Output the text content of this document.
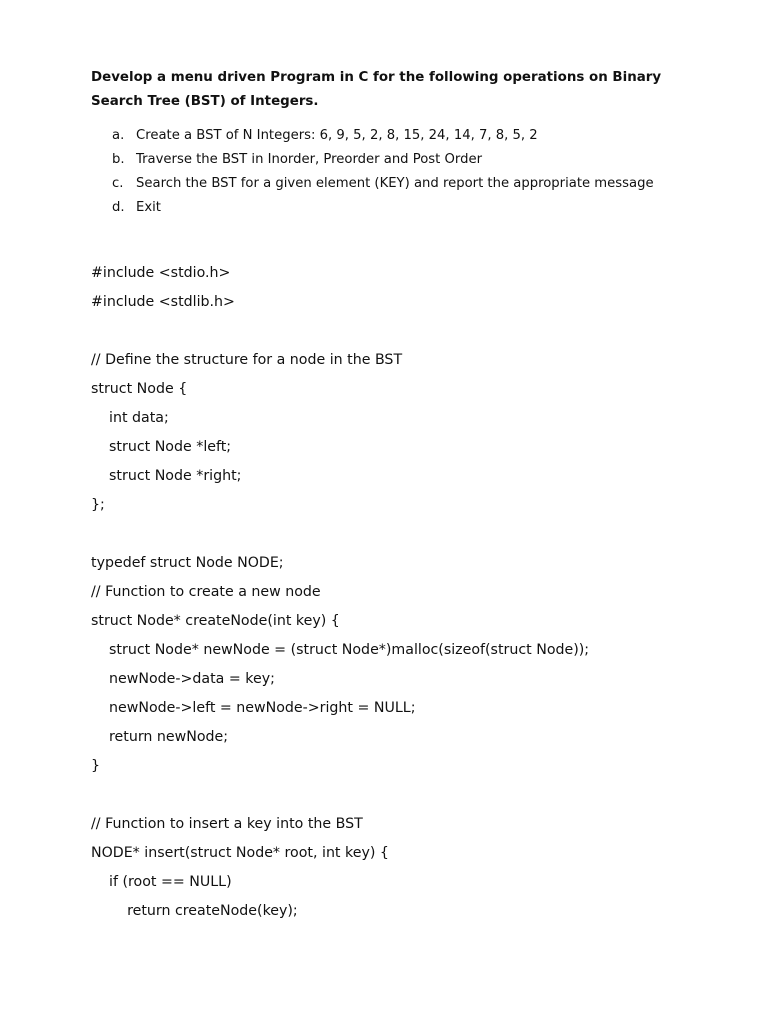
Develop a menu driven Program in C for the following operations on Binary Search Tree (BST) of Integers.

a. Create a BST of N Integers: 6, 9, 5, 2, 8, 15, 24, 14, 7, 8, 5, 2
b. Traverse the BST in Inorder, Preorder and Post Order
c. Search the BST for a given element (KEY) and report the appropriate message
d. Exit
#include <stdio.h>
#include <stdlib.h>
// Define the structure for a node in the BST
struct Node {
int data;
struct Node *left;
struct Node *right;
};
typedef struct Node NODE;
// Function to create a new node
struct Node* createNode(int key) {
struct Node* newNode = (struct Node*)malloc(sizeof(struct Node));
newNode->data = key;
newNode->left = newNode->right = NULL;
return newNode;
}
// Function to insert a key into the BST
NODE* insert(struct Node* root, int key) {
if (root == NULL)
return createNode(key);
